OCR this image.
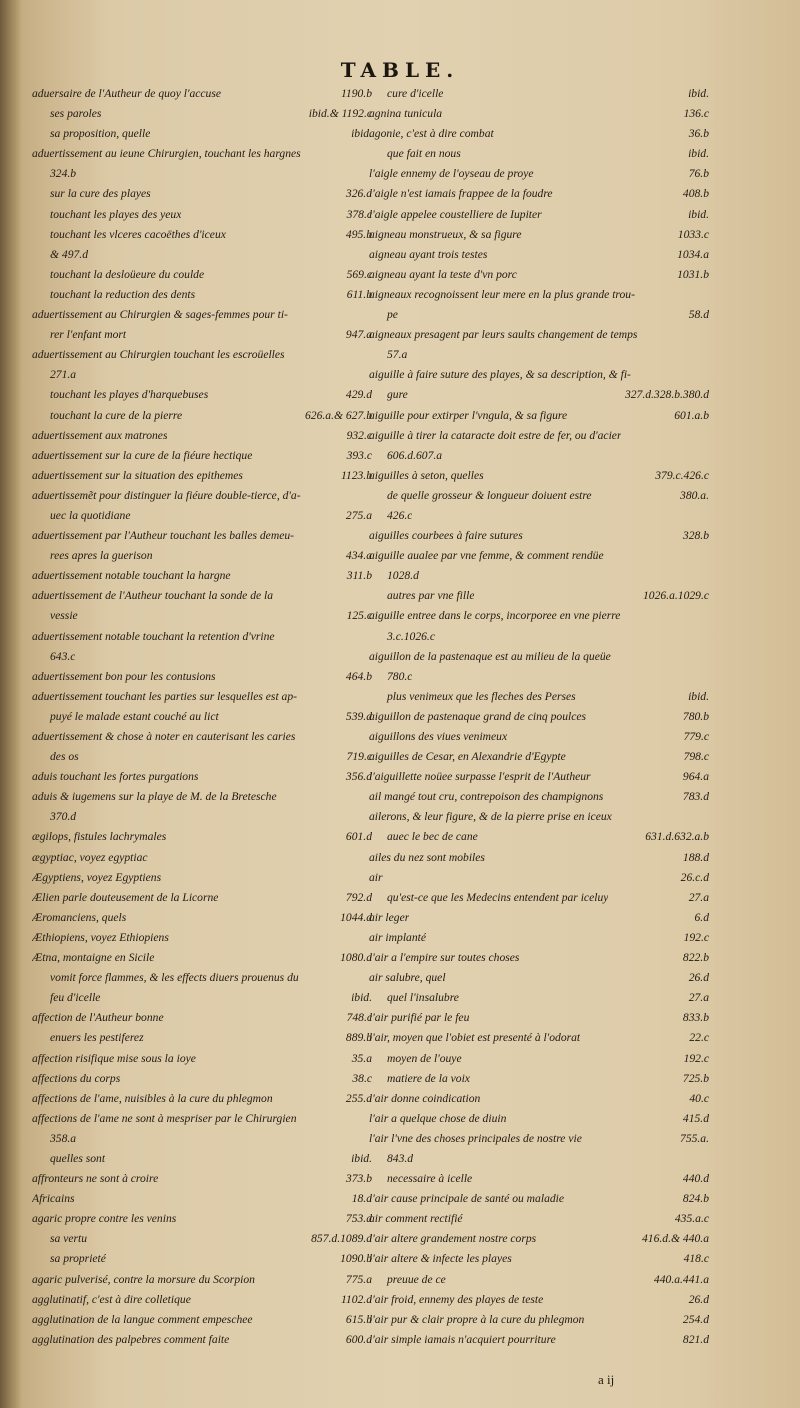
TABLE.
aduersaire de l'Autheur de quoy l'accuse	1190.b
ses paroles	ibid.& 1192.c
sa proposition, quelle	ibid.
aduertissement au ieune Chirurgien, touchant les hargnes
324.b
sur la cure des playes	326.a
touchant les playes des yeux	378.c
touchant les vlceres cacoëthes d'iceux	495.b
& 497.d
touchant la desloüeure du coulde	569.c
touchant la reduction des dents	611.b
aduertissement au Chirurgien & sages-femmes pour ti-
rer l'enfant mort	947.a
aduertissement au Chirurgien touchant les escroüelles
271.a
touchant les playes d'harquebuses	429.d
touchant la cure de la pierre	626.a.& 627.b
aduertissement aux matrones	932.c
aduertissement sur la cure de la fiéure hectique	393.c
aduertissement sur la situation des epithemes	1123.b
aduertissemẽt pour distinguer la fiéure double-tierce, d'a-
uec la quotidiane	275.a
aduertissement par l'Autheur touchant les balles demeu-
rees apres la guerison	434.a
aduertissement notable touchant la hargne	311.b
aduertissement de l'Autheur touchant la sonde de la
vessie	125.c
aduertissement notable touchant la retention d'vrine
643.c
aduertissement bon pour les contusions	464.b
aduertissement touchant les parties sur lesquelles est ap-
puyé le malade estant couché au lict	539.d
aduertissement & chose à noter en cauterisant les caries
des os	719.c
aduis touchant les fortes purgations	356.d
aduis & iugemens sur la playe de M. de la Bretesche
370.d
ægilops, fistules lachrymales	601.d
ægyptiac, voyez egyptiac
Ægyptiens, voyez Egyptiens
Ælien parle douteusement de la Licorne	792.d
Æromanciens, quels	1044.d
Æthiopiens, voyez Ethiopiens
Ætna, montaigne en Sicile	1080.a
vomit force flammes, & les effects diuers prouenus du
feu d'icelle	ibid.
affection de l'Autheur bonne	748.c
enuers les pestiferez	889.b
affection risifique mise sous la ioye	35.a
affections du corps	38.c
affections de l'ame, nuisibles à la cure du phlegmon	255.a
affections de l'ame ne sont à mespriser par le Chirurgien
358.a
quelles sont	ibid.
affronteurs ne sont à croire	373.b
Africains	18.a
agaric propre contre les venins	753.d
sa vertu	857.d.1089.d
sa proprieté	1090.b
agaric pulverisé, contre la morsure du Scorpion	775.a
agglutinatif, c'est à dire colletique	1102.a
agglutination de la langue comment empeschee	615.b
agglutination des palpebres comment faite	600.a
cure d'icelle	ibid.
agnina tunicula	136.c
agonie, c'est à dire combat	36.b
que fait en nous	ibid.
l'aigle ennemy de l'oyseau de proye	76.b
l'aigle n'est iamais frappee de la foudre	408.b
l'aigle appelee coustelliere de Iupiter	ibid.
aigneau monstrueux, & sa figure	1033.c
aigneau ayant trois testes	1034.a
aigneau ayant la teste d'vn porc	1031.b
aigneaux recognoissent leur mere en la plus grande trou-
pe	58.d
aigneaux presagent par leurs saults changement de temps
57.a
aiguille à faire suture des playes, & sa description, & fi-
gure	327.d.328.b.380.d
aiguille pour extirper l'vngula, & sa figure	601.a.b
aiguille à tirer la cataracte doit estre de fer, ou d'acier
606.d.607.a
aiguilles à seton, quelles	379.c.426.c
de quelle grosseur & longueur doiuent estre	380.a.
426.c
aiguilles courbees à faire sutures	328.b
aiguille aualee par vne femme, & comment rendüe
1028.d
autres par vne fille	1026.a.1029.c
aiguille entree dans le corps, incorporee en vne pierre
3.c.1026.c
aiguillon de la pastenaque est au milieu de la queüe
780.c
plus venimeux que les fleches des Perses	ibid.
aiguillon de pastenaque grand de cinq poulces	780.b
aiguillons des viues venimeux	779.c
aiguilles de Cesar, en Alexandrie d'Egypte	798.c
l'aiguillette noüee surpasse l'esprit de l'Autheur	964.a
ail mangé tout cru, contrepoison des champignons	783.d
ailerons, & leur figure, & de la pierre prise en iceux
auec le bec de cane	631.d.632.a.b
ailes du nez sont mobiles	188.d
air	26.c.d
qu'est-ce que les Medecins entendent par iceluy	27.a
air leger	6.d
air implanté	192.c
l'air a l'empire sur toutes choses	822.b
air salubre, quel	26.d
quel l'insalubre	27.a
l'air purifié par le feu	833.b
l'air, moyen que l'obiet est presenté à l'odorat	22.c
moyen de l'ouye	192.c
matiere de la voix	725.b
l'air donne coindication	40.c
l'air a quelque chose de diuin	415.d
l'air l'vne des choses principales de nostre vie	755.a.
843.d
necessaire à icelle	440.d
l'air cause principale de santé ou maladie	824.b
air comment rectifié	435.a.c
l'air altere grandement nostre corps	416.d.& 440.a
l'air altere & infecte les playes	418.c
preuue de ce	440.a.441.a
l'air froid, ennemy des playes de teste	26.d
l'air pur & clair propre à la cure du phlegmon	254.d
l'air simple iamais n'acquiert pourriture	821.d
a ij
